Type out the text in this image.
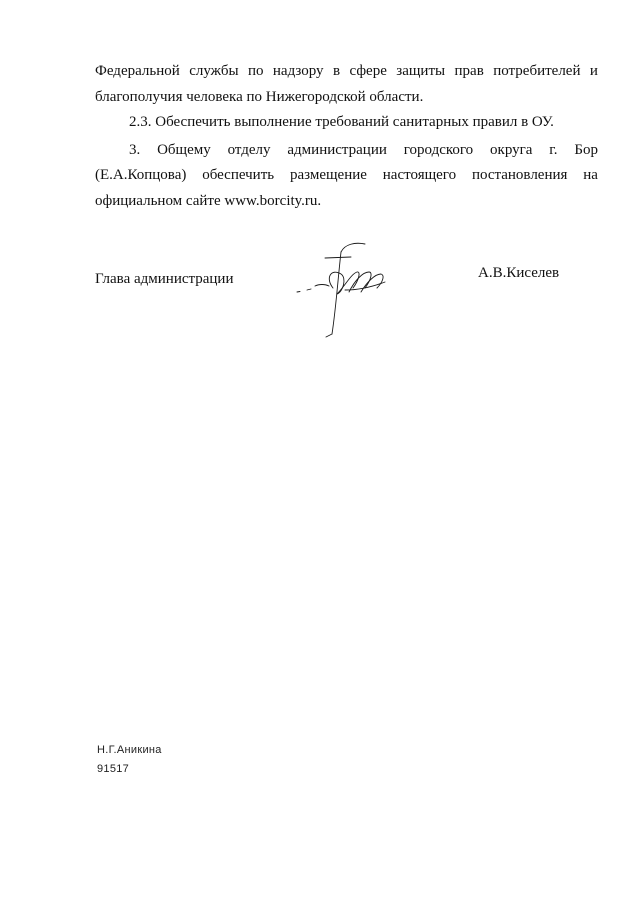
Федеральной службы по надзору в сфере защиты прав потребителей и
благополучия человека по Нижегородской области.
2.3. Обеспечить выполнение требований санитарных правил в ОУ.
3. Общему отделу администрации городского округа г. Бор
(Е.А.Копцова) обеспечить размещение настоящего постановления на
официальном сайте www.borcity.ru.
Глава администрации	А.В.Киселев
Н.Г.Аникина
91517
